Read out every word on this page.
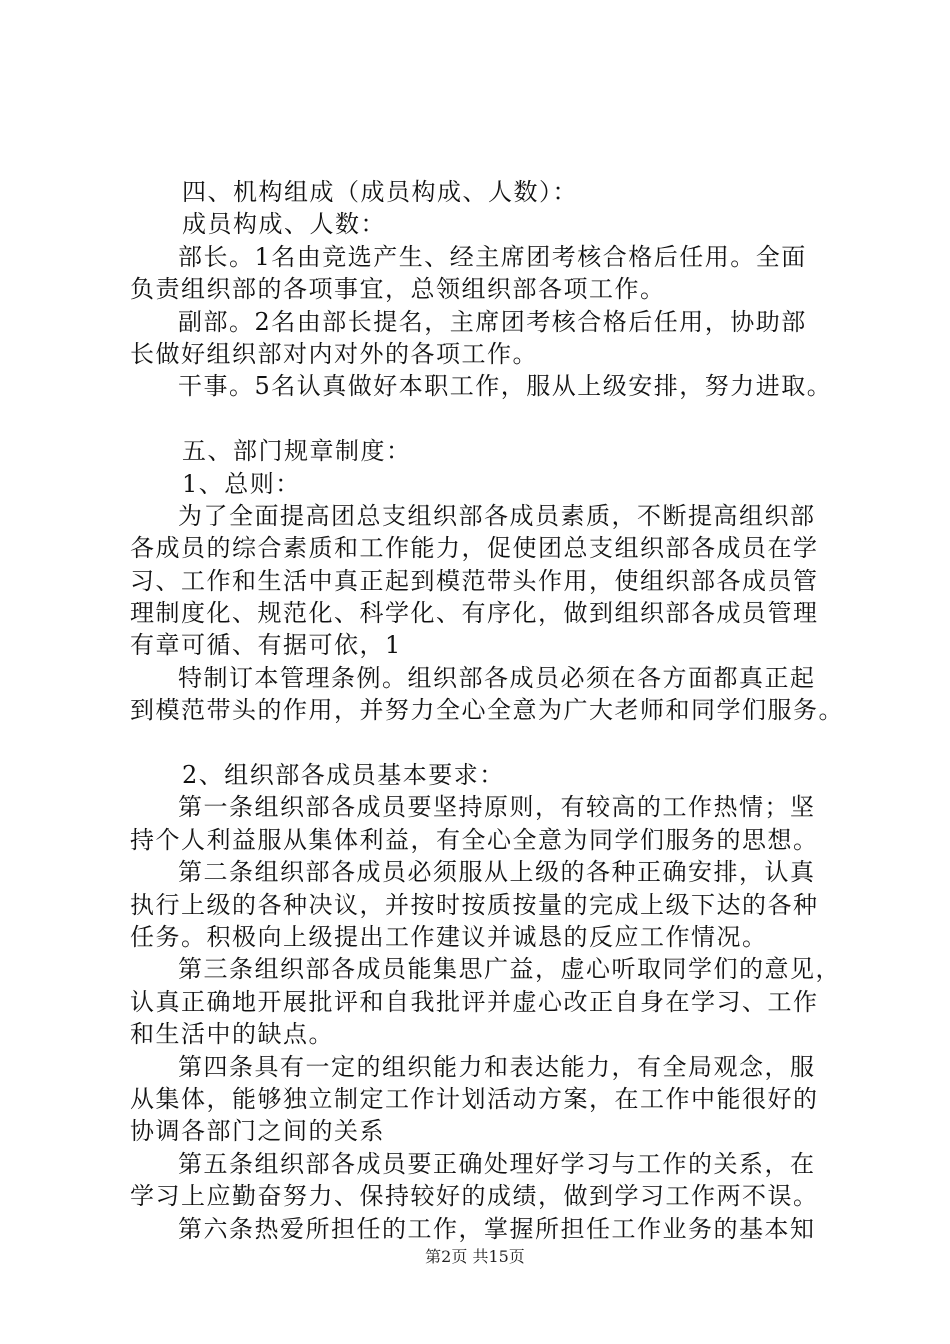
四、机构组成（成员构成、人数）：
成员构成、人数：
部长。1名由竞选产生、经主席团考核合格后任用。全面
负责组织部的各项事宜，总领组织部各项工作。
副部。2名由部长提名，主席团考核合格后任用，协助部
长做好组织部对内对外的各项工作。
干事。5名认真做好本职工作，服从上级安排，努力进取。
五、部门规章制度：
1、总则：
为了全面提高团总支组织部各成员素质，不断提高组织部
各成员的综合素质和工作能力，促使团总支组织部各成员在学
习、工作和生活中真正起到模范带头作用，使组织部各成员管
理制度化、规范化、科学化、有序化，做到组织部各成员管理
有章可循、有据可依，1
特制订本管理条例。组织部各成员必须在各方面都真正起
到模范带头的作用，并努力全心全意为广大老师和同学们服务。
2、组织部各成员基本要求：
第一条组织部各成员要坚持原则，有较高的工作热情；坚
持个人利益服从集体利益，有全心全意为同学们服务的思想。
第二条组织部各成员必须服从上级的各种正确安排，认真
执行上级的各种决议，并按时按质按量的完成上级下达的各种
任务。积极向上级提出工作建议并诚恳的反应工作情况。
第三条组织部各成员能集思广益，虚心听取同学们的意见，
认真正确地开展批评和自我批评并虚心改正自身在学习、工作
和生活中的缺点。
第四条具有一定的组织能力和表达能力，有全局观念，服
从集体，能够独立制定工作计划活动方案，在工作中能很好的
协调各部门之间的关系
第五条组织部各成员要正确处理好学习与工作的关系，在
学习上应勤奋努力、保持较好的成绩，做到学习工作两不误。
第六条热爱所担任的工作，掌握所担任工作业务的基本知
第2页 共15页
